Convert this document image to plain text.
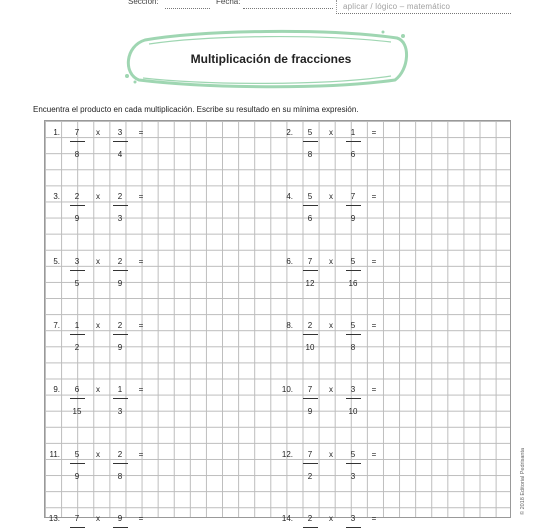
Sección:	Fecha:
aplicar / lógico – matemático
Multiplicación de fracciones
Encuentra el producto en cada multiplicación. Escribe su resultado en su mínima expresión.
1.	7	x	3	=
8	4
2.	5	x	1	=
8	6
3.	2	x	2	=
9	3
4.	5	x	7	=
6	9
5.	3	x	2	=
5	9
6.	7	x	5	=
12	16
7.	1	x	2	=
2	9
8.	2	x	5	=
10	8
9.	6	x	1	=
15	3
10.	7	x	3	=
9	10
11.	5	x	2	=
9	8
12.	7	x	5	=
2	3
13.	7	x	9	=	14.	2	x	3	=
© 2018 Editorial Pedrisanta
